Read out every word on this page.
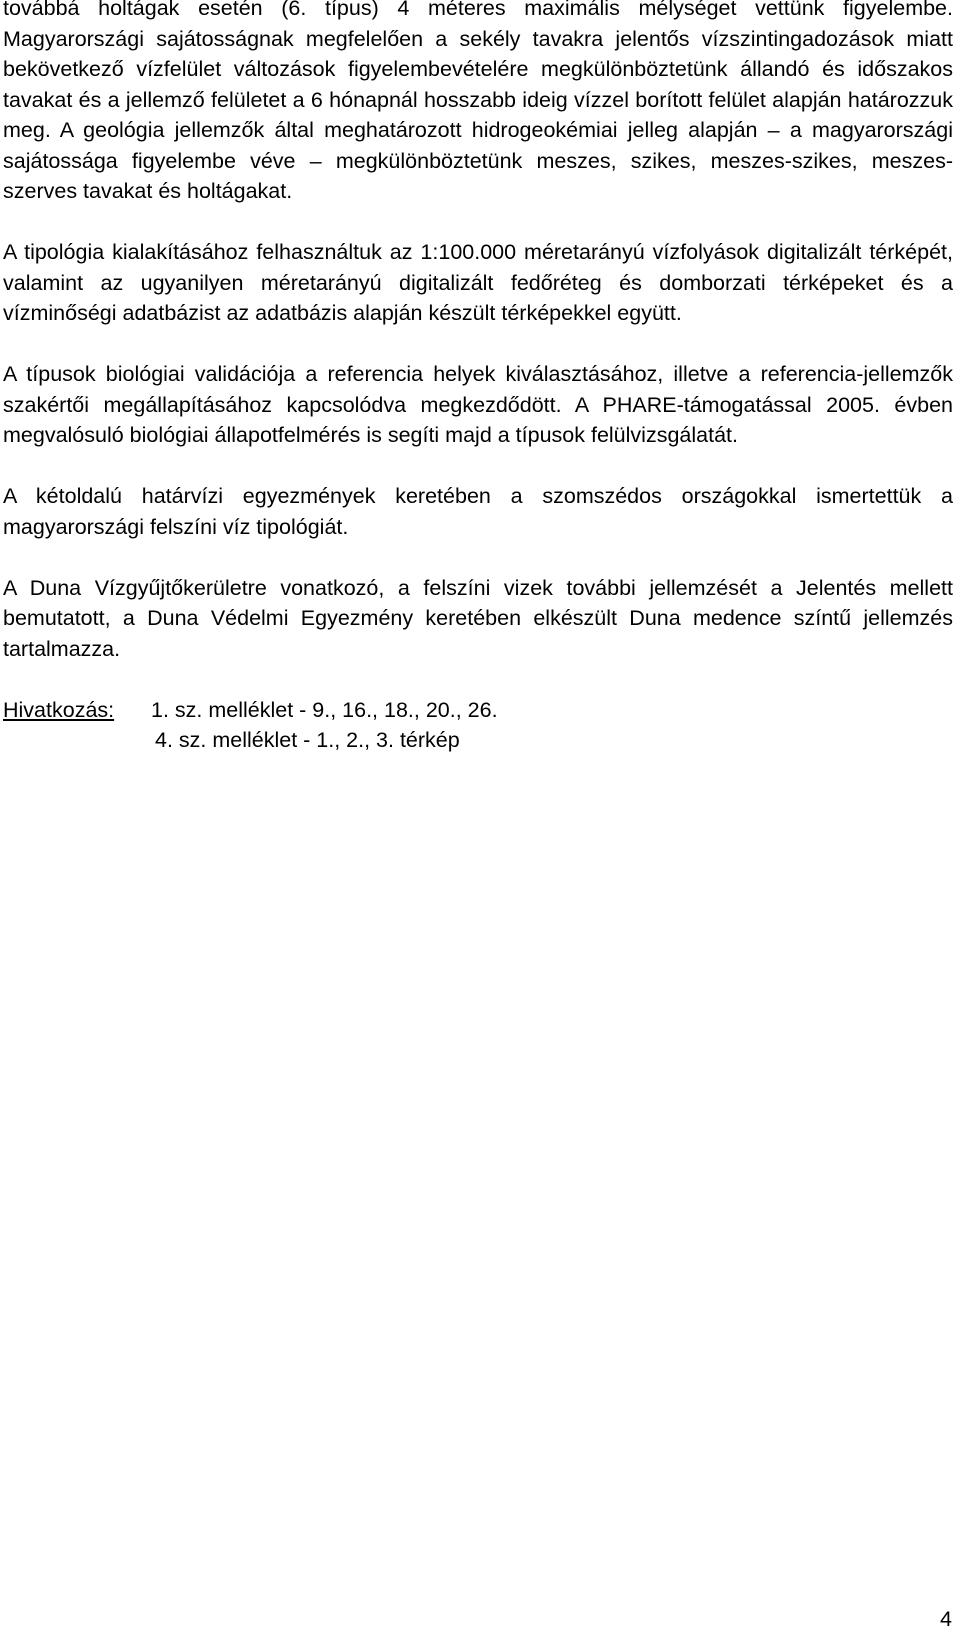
továbbá holtágak esetén (6. típus) 4 méteres maximális mélységet vettünk figyelembe. Magyarországi sajátosságnak megfelelően a sekély tavakra jelentős vízszintingadozások miatt bekövetkező vízfelület változások figyelembevételére megkülönböztetünk állandó és időszakos tavakat és a jellemző felületet a 6 hónapnál hosszabb ideig vízzel borított felület alapján határozzuk meg. A geológia jellemzők által meghatározott hidrogeokémiai jelleg alapján – a magyarországi sajátossága figyelembe véve – megkülönböztetünk meszes, szikes, meszes-szikes, meszes-szerves tavakat és holtágakat.

A tipológia kialakításához felhasználtuk az 1:100.000 méretarányú vízfolyások digitalizált térképét, valamint az ugyanilyen méretarányú digitalizált fedőréteg és domborzati térképeket és a vízminőségi adatbázist az adatbázis alapján készült térképekkel együtt.

A típusok biológiai validációja a referencia helyek kiválasztásához, illetve a referencia-jellemzők szakértői megállapításához kapcsolódva megkezdődött. A PHARE-támogatással 2005. évben megvalósuló biológiai állapotfelmérés is segíti majd a típusok felülvizsgálatát.

A kétoldalú határvízi egyezmények keretében a szomszédos országokkal ismertettük a magyarországi felszíni víz tipológiát.

A Duna Vízgyűjtőkerületre vonatkozó, a felszíni vizek további jellemzését a Jelentés mellett bemutatott, a Duna Védelmi Egyezmény keretében elkészült Duna medence színtű jellemzés tartalmazza.

Hivatkozás:	1. sz. melléklet - 9., 16., 18., 20., 26.
4. sz. melléklet - 1., 2., 3. térkép
4
